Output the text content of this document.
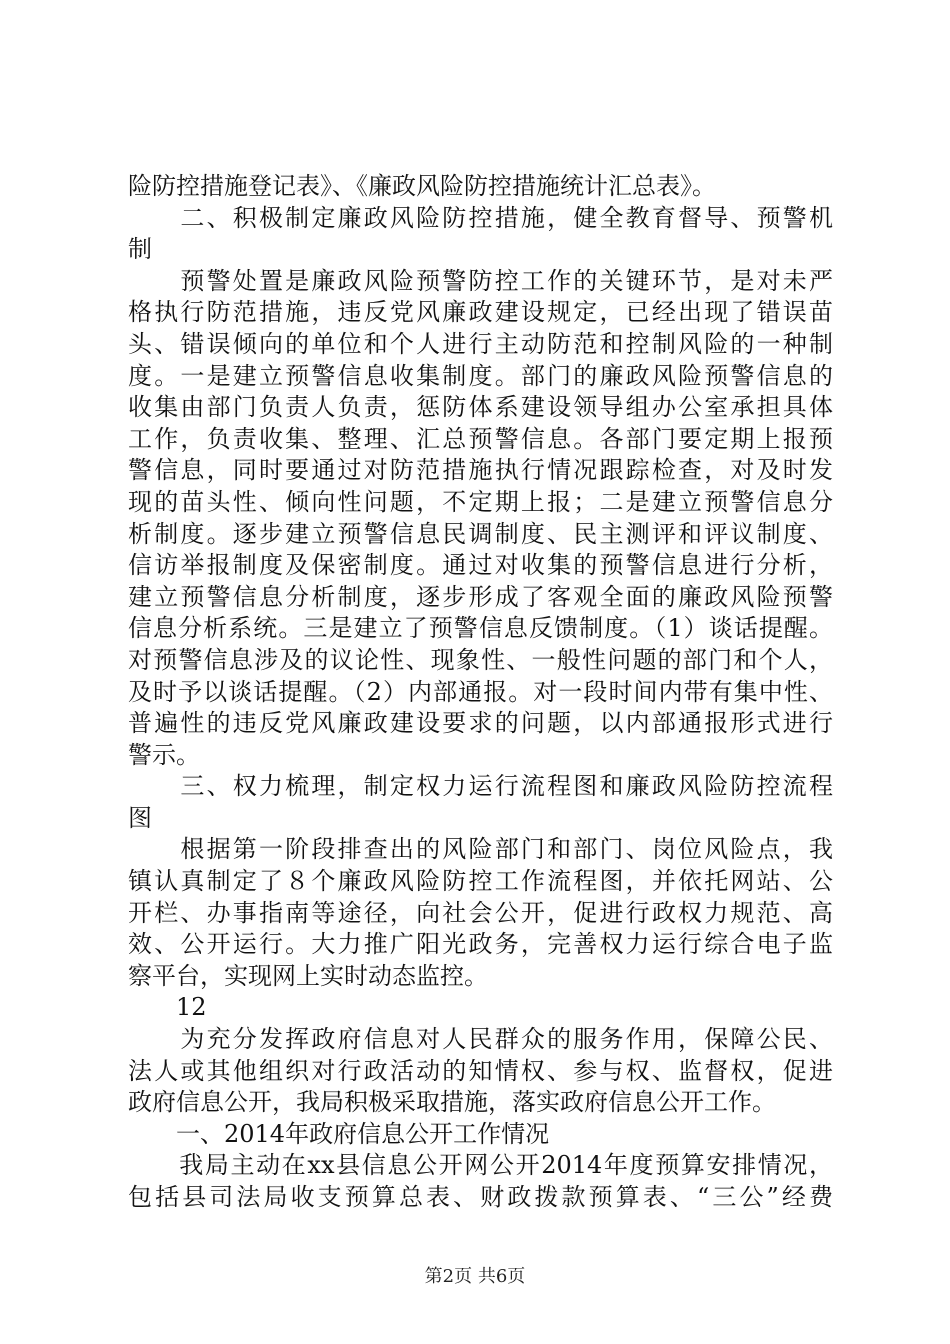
险防控措施登记表》、《廉政风险防控措施统计汇总表》。
　　二、积极制定廉政风险防控措施，健全教育督导、预警机
制
　　预警处置是廉政风险预警防控工作的关键环节，是对未严
格执行防范措施，违反党风廉政建设规定，已经出现了错误苗
头、错误倾向的单位和个人进行主动防范和控制风险的一种制
度。一是建立预警信息收集制度。部门的廉政风险预警信息的
收集由部门负责人负责，惩防体系建设领导组办公室承担具体
工作，负责收集、整理、汇总预警信息。各部门要定期上报预
警信息，同时要通过对防范措施执行情况跟踪检查，对及时发
现的苗头性、倾向性问题，不定期上报；二是建立预警信息分
析制度。逐步建立预警信息民调制度、民主测评和评议制度、
信访举报制度及保密制度。通过对收集的预警信息进行分析，
建立预警信息分析制度，逐步形成了客观全面的廉政风险预警
信息分析系统。三是建立了预警信息反馈制度。（1）谈话提醒。
对预警信息涉及的议论性、现象性、一般性问题的部门和个人，
及时予以谈话提醒。（2）内部通报。对一段时间内带有集中性、
普遍性的违反党风廉政建设要求的问题，以内部通报形式进行
警示。
　　三、权力梳理，制定权力运行流程图和廉政风险防控流程
图
　　根据第一阶段排查出的风险部门和部门、岗位风险点，我
镇认真制定了８个廉政风险防控工作流程图，并依托网站、公
开栏、办事指南等途径，向社会公开，促进行政权力规范、高
效、公开运行。大力推广阳光政务，完善权力运行综合电子监
察平台，实现网上实时动态监控。
　　12
　　为充分发挥政府信息对人民群众的服务作用，保障公民、
法人或其他组织对行政活动的知情权、参与权、监督权，促进
政府信息公开，我局积极采取措施，落实政府信息公开工作。
　　一、2014年政府信息公开工作情况
　　我局主动在xx县信息公开网公开2014年度预算安排情况，
包括县司法局收支预算总表、财政拨款预算表、“三公”经费
第2页 共6页
